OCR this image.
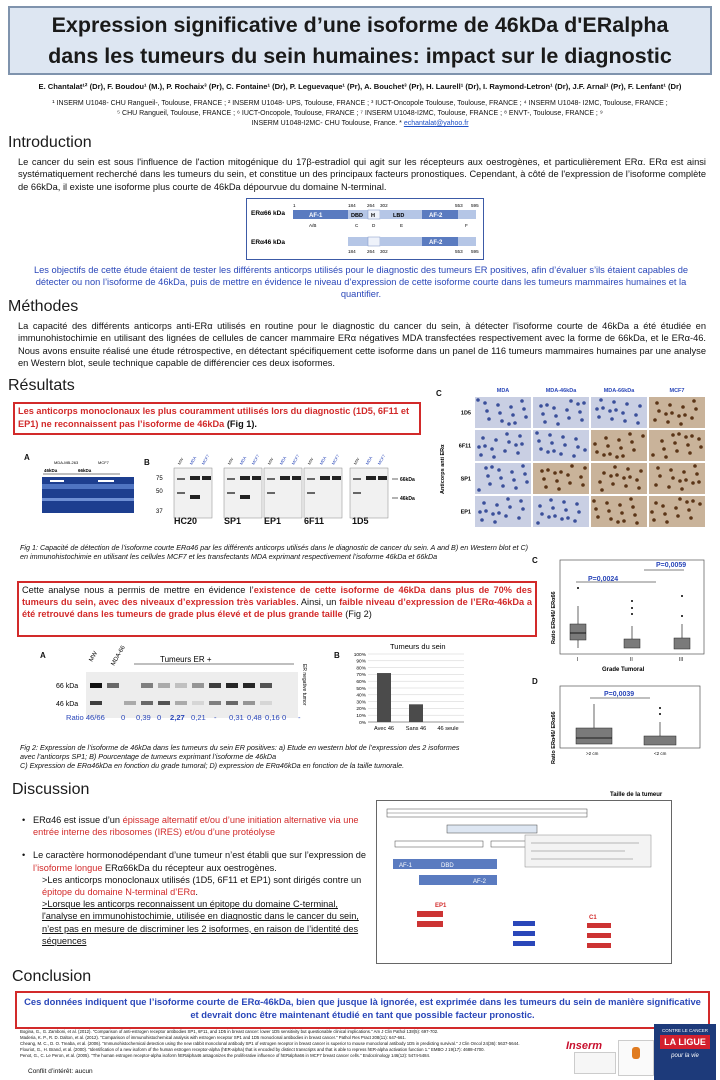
Expression significative d’une isoforme de 46kDa d'ERalpha
dans les tumeurs du sein humaines: impact sur le diagnostic
E. Chantalat¹² (Dr), F. Boudou¹ (M.), P. Rochaix³ (Pr), C. Fontaine¹ (Dr), P. Leguevaque¹ (Pr), A. Bouchet³ (Pr), H. Laurell¹ (Dr), I. Raymond-Letron¹ (Dr), J.F. Arnal¹ (Pr), F. Lenfant¹ (Dr)
¹ INSERM U1048- CHU Rangueil-, Toulouse, FRANCE ; ² INSERM U1048- UPS, Toulouse, FRANCE ; ³ IUCT-Oncopole Toulouse, Toulouse, FRANCE ; ⁴ INSERM U1048- I2MC, Toulouse, FRANCE ;
⁵ CHU Rangueil, Toulouse, FRANCE ; ⁶ IUCT-Oncopole, Toulouse, FRANCE ; ⁷ INSERM U1048-I2MC, Toulouse, FRANCE ; ⁸ ENVT-, Toulouse, FRANCE ; ⁹
INSERM U1048-I2MC- CHU Toulouse, France. * echantalat@yahoo.fr
Introduction
Le cancer du sein est sous l'influence de l'action mitogénique du 17β-estradiol qui agit sur les récepteurs aux oestrogènes, et particulièrement ERα. ERα est ainsi systématiquement recherché dans les tumeurs du sein, et constitue un des principaux facteurs pronostiques. Cependant, à côté de l'expression de l’isoforme complète de 66kDa, il existe une isoforme plus courte de 46kDa dépourvue du domaine N-terminal.
ERα66 kDa
ERα46 kDa
1	184 264 302	553 595
AF-1	DBD H	LBD	AF-2
A/B	C	D	E	F
AF-2
184 264 302	553 595
Les objectifs de cette étude étaient de tester les différents anticorps utilisés pour le diagnostic des tumeurs ER positives, afin d’évaluer s’ils étaient capables de détecter ou non l’isoforme de 46kDa, puis de mettre en évidence le niveau d’expression de cette isoforme courte dans les tumeurs mammaires humaines et la quantifier.
Méthodes
La capacité des différents anticorps anti-ERα utilisés en routine pour le diagnostic du cancer du sein, à détecter l'isoforme courte de 46kDa a été étudiée en immunohistochimie en utilisant des lignées de cellules de cancer mammaire ERα négatives MDA transfectées respectivement avec la forme de 66kDa, et le ERα-46. Nous avons ensuite réalisé une étude rétrospective, en détectant spécifiquement cette isoforme dans un panel de 116 tumeurs mammaires humaines par une analyse en Western blot, seule technique capable de différencier ces deux isoformes.
Résultats
Les anticorps monoclonaux les plus couramment utilisés lors du diagnostic (1D5, 6F11 et EP1) ne reconnaissent pas l’isoforme de 46kDa (Fig 1).
A
MDA-MB-263	MCF7
46kDa	66kDa
B
75
50
37
66kDa
46kDa
MW MDA MCF7	MW MDA MCF7 MW MDA MCF7 MW MDA MCF7	MW MDA MCF7
HC20	SP1	EP1	6F11	1D5
C
Anticorps anti ERα
MDA	MDA-46kDa	MDA-66kDa	MCF7
1D5
6F11
SP1
EP1
Fig 1: Capacité de détection de l’isoforme courte ERα46 par les différents anticorps utilisés dans le diagnostic de cancer du sein. A and B) en Western blot et C) en immunohistochimie en utilisant les cellules MCF7 et les transfectants MDA exprimant respectivement l’isoforme 46kDa et 66kDa
Cette analyse nous a permis de mettre en évidence l’existence de cette isoforme de 46kDa dans plus de 70% des tumeurs du sein, avec des niveaux d’expression très variables. Ainsi, un faible niveau d’expression de l’ERα-46kDa a été retrouvé dans les tumeurs de grade plus élevé et de plus grande taille (Fig 2)
A	MW MDA-66	Tumeurs ER +
ER negative tumor
66 kDa
46 kDa
Ratio 46/66 0 0,39 0 2,27 0,21 - 0,31 0,48 0,16 0 -
B
Tumeurs du sein
100%
90%
80%
70%
60%
50%
40%
30%
20%
10%
0%
Avec 46 Sans 46 46 seule
C
Ratio ERα46/ ERα66
P=0,0024
P=0,0059
I	II	III
Grade Tumoral
D
Ratio ERα46/ ERα66
P=0,0039
>2 cm	<2 cm
Taille de la tumeur
Fig 2: Expression de l’isoforme de 46kDa dans les tumeurs du sein ER positives: a) Etude en western blot de l’expression des 2 isoformes
avec l’anticorps SP1; B) Pourcentage de tumeurs exprimant l’isoforme de 46kDa
C) Expression de ERα46kDa en fonction du grade tumoral; D) expression de ERα46kDa en fonction de la taille tumorale.
Discussion
• ERα46 est issue d’un épissage alternatif et/ou d’une initiation alternative via une entrée interne des ribosomes (IRES) et/ou d’une protéolyse
• Le caractère hormonodépendant d’une tumeur n’est établi que sur l’expression de l’isoforme longue ERα66kDa du récepteur aux oestrogènes.
>Les anticorps monoclonaux utilisés (1D5, 6F11 et EP1) sont dirigés contre un épitope du domaine N-terminal d’ERα.
>Lorsque les anticorps reconnaissent un épitope du domaine C-terminal, l'analyse en immunohistochimie, utilisée en diagnostic dans le cancer du sein, n’est pas en mesure de discriminer les 2 isoformes, en raison de l’identité des séquences
AF-1	DBD
AF-2
EP1
C1
Conclusion
Ces données indiquent que l’isoforme courte de ERα-46kDa, bien que jusque là ignorée, est exprimée dans les tumeurs du sein de manière significative et devrait donc être maintenant étudié en tant que possible facteur pronostic.
Bogina, G., G. Zamboni, et al. (2012). "Comparison of anti-estrogen receptor antibodies SP1, 6F11, and 1D5 in breast cancer: lower 1D5 sensitivity but questionable clinical implications." Am J Clin Pathol 138(5): 697-702.
Maderia, K. P., R. D. Dalton, et al. (2012). "Comparison of immunohistochemical analysis with estrogen receptor SP1 and 1D5 monoclonal antibodies in breast cancer." Pathol Res Pract 208(11): 647-661.
Cheang, M. C., D. O. Treaba, et al. (2006). "Immunohistochemical detection using the new rabbit monoclonal antibody SP1 of estrogen receptor in breast cancer is superior to mouse monoclonal antibody 1D5 in predicting survival." J Clin Oncol 24(36): 5637-5644.
Flouriot, G., H. Brand, et al. (2000). "Identification of a new isoform of the human estrogen receptor-alpha (hER-alpha) that is encoded by distinct transcripts and that is able to repress hER-alpha activation function 1." EMBO J 19(17): 4688-4700.
Penot, G., C. Le Peron, et al. (2005). "The human estrogen receptor-alpha isoform hERalpha46 antagonizes the proliferative influence of hERalpha66 in MCF7 breast cancer cells." Endocrinology 146(12): 5474-5484.
Conflit d’intérêt: aucun
Inserm
CONTRE LE CANCER
LA LIGUE
pour la vie
